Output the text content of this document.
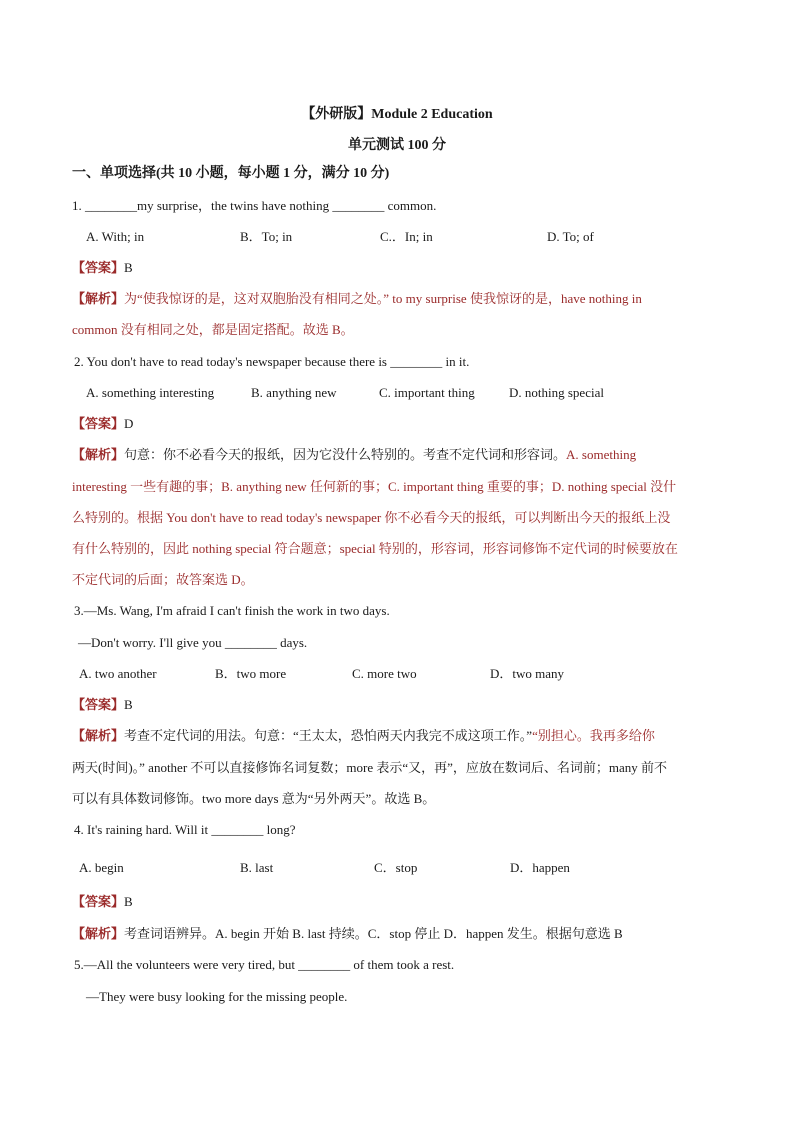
【外研版】Module 2 Education
单元测试 100 分
一、单项选择(共 10 小题，每小题 1 分，满分 10 分)
1. ________my surprise，the twins have nothing ________ common.
A. With; in	B．To; in	C.．In; in	D. To; of
【答案】B
【解析】为“使我惊讶的是，这对双胞胎没有相同之处。” to my surprise 使我惊讶的是，have nothing in
common 没有相同之处，都是固定搭配。故选 B。
2. You don't have to read today's newspaper because there is ________ in it.
A. something interesting	B. anything new	C. important thing	D. nothing special
【答案】D
【解析】句意：你不必看今天的报纸，因为它没什么特别的。考查不定代词和形容词。A. something
interesting 一些有趣的事；B. anything new 任何新的事；C. important thing 重要的事；D. nothing special 没什
么特别的。根据 You don't have to read today's newspaper 你不必看今天的报纸，可以判断出今天的报纸上没
有什么特别的，因此 nothing special 符合题意；special 特别的，形容词，形容词修饰不定代词的时候要放在
不定代词的后面；故答案选 D。
3.—Ms. Wang, I'm afraid I can't finish the work in two days.
—Don't worry. I'll give you ________ days.
A. two another	B．two more	C. more two	D．two many
【答案】B
【解析】考查不定代词的用法。句意：“王太太，恐怕两天内我完不成这项工作。”“别担心。我再多给你
两天(时间)。” another 不可以直接修饰名词复数；more 表示“又，再”，应放在数词后、名词前；many 前不
可以有具体数词修饰。two more days 意为“另外两天”。故选 B。
4. It's raining hard. Will it ________ long?
A. begin	B. last	C．stop	D．happen
【答案】B
【解析】考查词语辨异。A. begin 开始 B. last 持续。C．stop 停止 D．happen 发生。根据句意选 B
5.—All the volunteers were very tired, but ________ of them took a rest.
—They were busy looking for the missing people.
